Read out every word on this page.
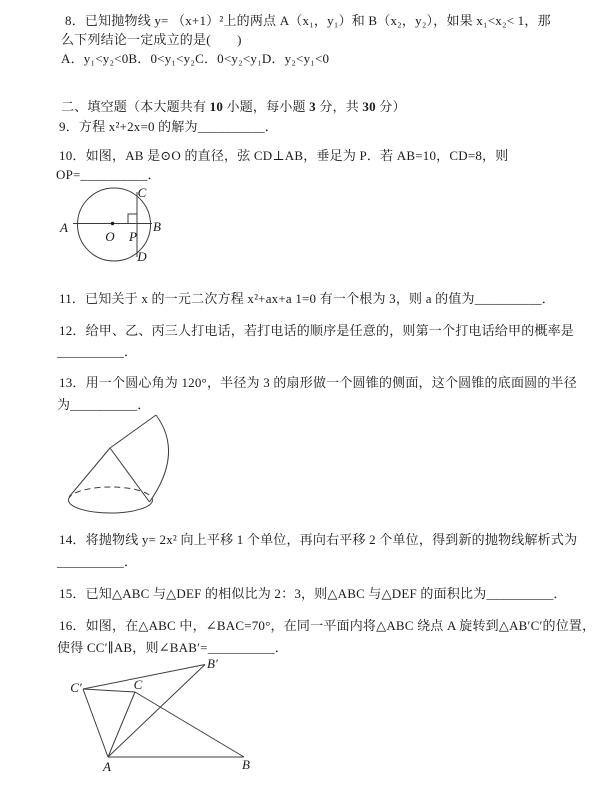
8．已知抛物线 y= （x+1）²上的两点 A（x₁，y₁）和 B（x₂，y₂），如果 x₁<x₂< 1，那
么下列结论一定成立的是(　　)
A．y₁<y₂<0B．0<y₁<y₂C．0<y₂<y₁D．y₂<y₁<0
二、填空题（本大题共有 10 小题，每小题 3 分，共 30 分）
9．方程 x²+2x=0 的解为__________．
10．如图，AB 是⊙O 的直径，弦 CD⊥AB，垂足为 P．若 AB=10，CD=8，则
OP=__________．
A	B
C
D
O P
11．已知关于 x 的一元二次方程 x²+ax+a 1=0 有一个根为 3，则 a 的值为__________．
12．给甲、乙、丙三人打电话，若打电话的顺序是任意的，则第一个打电话给甲的概率是
__________．
13．用一个圆心角为 120°，半径为 3 的扇形做一个圆锥的侧面，这个圆锥的底面圆的半径
为__________．
14．将抛物线 y= 2x² 向上平移 1 个单位，再向右平移 2 个单位，得到新的抛物线解析式为
__________．
15．已知△ABC 与△DEF 的相似比为 2：3，则△ABC 与△DEF 的面积比为__________．
16．如图，在△ABC 中，∠BAC=70°，在同一平面内将△ABC 绕点 A 旋转到△AB′C′的位置，
使得 CC′∥AB，则∠BAB′=__________．
A	B
C
C′
B′
